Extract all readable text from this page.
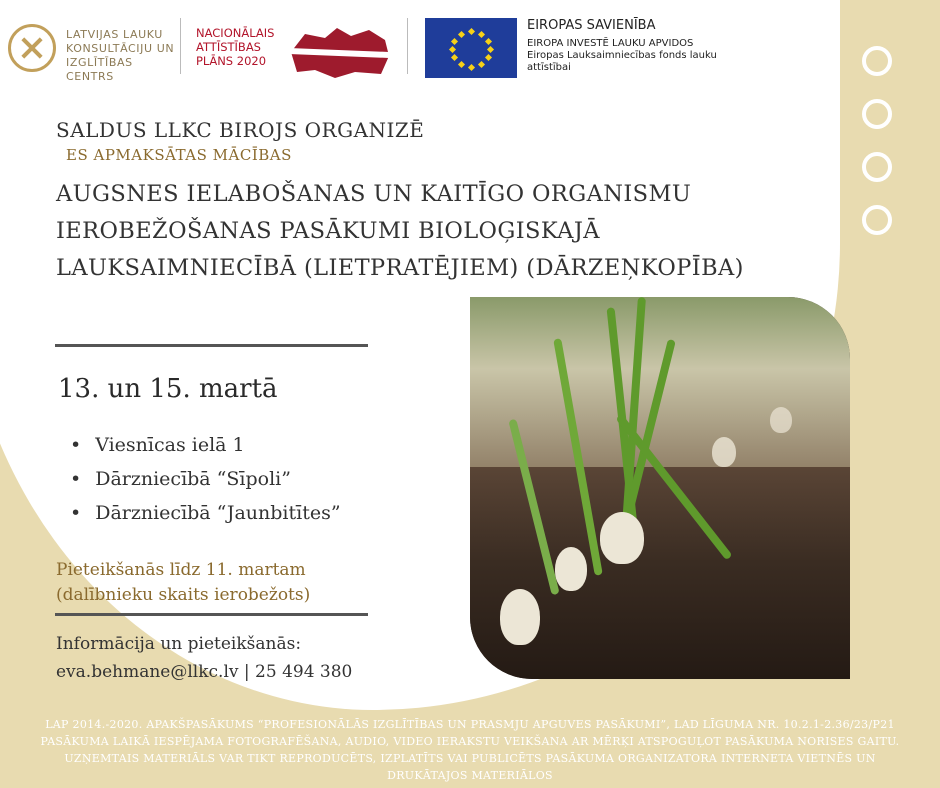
LATVIJAS LAUKU KONSULTĀCIJU UN IZGLĪTĪBAS CENTRS
NACIONĀLAIS ATTĪSTĪBAS PLĀNS 2020
EIROPAS SAVIENĪBA
EIROPA INVESTĒ LAUKU APVIDOS
Eiropas Lauksaimniecības fonds lauku attīstībai
SALDUS LLKC BIROJS ORGANIZĒ
ES APMAKSĀTAS MĀCĪBAS
AUGSNES IELABOŠANAS UN KAITĪGO ORGANISMU IEROBEŽOŠANAS PASĀKUMI BIOLOĢISKAJĀ LAUKSAIMNIECĪBĀ (LIETPRATĒJIEM) (DĀRZEŅKOPĪBA)
13. un 15. martā
• Viesnīcas ielā 1
• Dārzniecībā “Sīpoli”
• Dārzniecībā “Jaunbitītes”
Pieteikšanās līdz 11. martam
(dalībnieku skaits ierobežots)
Informācija un pieteikšanās:
eva.behmane@llkc.lv | 25 494 380
LAP 2014.-2020. APAKŠPASĀKUMS “PROFESIONĀLĀS IZGLĪTĪBAS UN PRASMJU APGUVES PASĀKUMI”, LAD LĪGUMA NR. 10.2.1-2.36/23/P21
PASĀKUMA LAIKĀ IESPĒJAMA FOTOGRAFĒŠANA, AUDIO, VIDEO IERAKSTU VEIKŠANA AR MĒRĶI ATSPOGUĻOT PASĀKUMA NORISES GAITU.
UZŅEMTAIS MATERIĀLS VAR TIKT REPRODUCĒTS, IZPLATĪTS VAI PUBLICĒTS PASĀKUMA ORGANIZATORA INTERNETA VIETNĒS UN
DRUKĀTAJOS MATERIĀLOS
